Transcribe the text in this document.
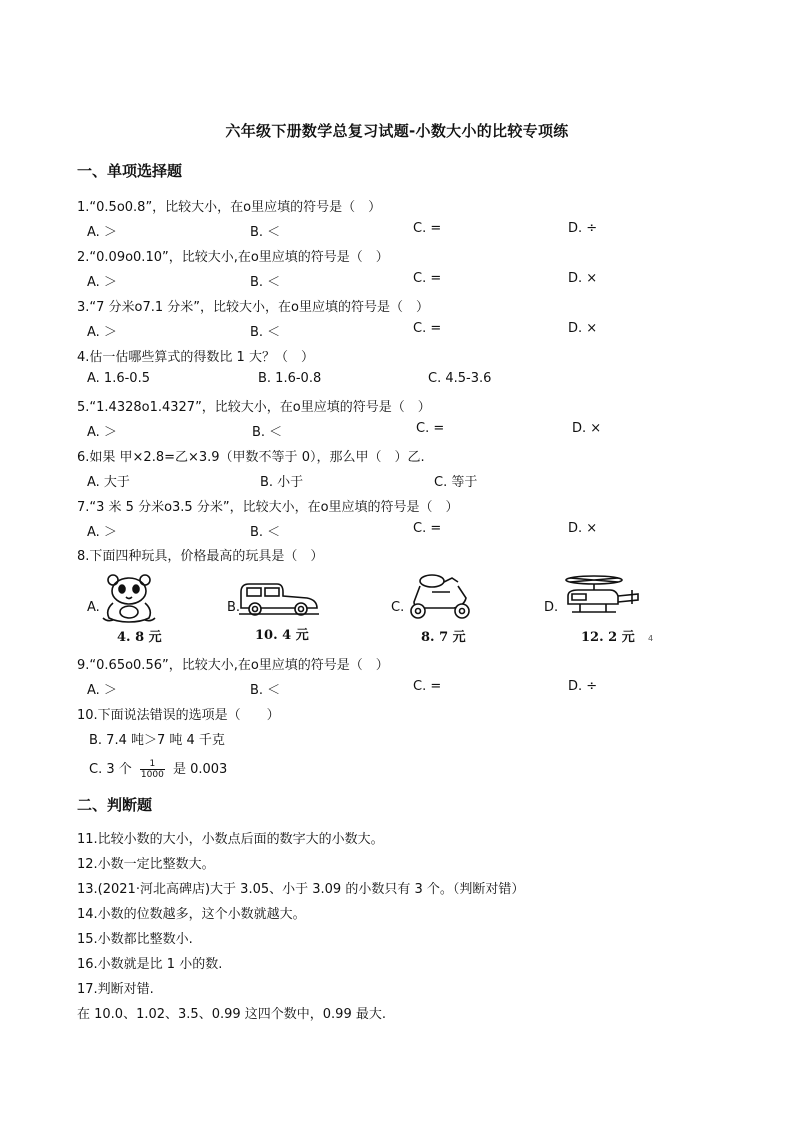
六年级下册数学总复习试题-小数大小的比较专项练
一、单项选择题
1.“0.5o0.8”，比较大小，在o里应填的符号是（　）
A. ＞	B. ＜	C. =	D. ÷
2.“0.09o0.10”，比较大小,在o里应填的符号是（　）
A. ＞	B. ＜	C. =	D. ×
3.“7 分米o7.1 分米”，比较大小，在o里应填的符号是（　）
A. ＞	B. ＜	C. =	D. ×
4.估一估哪些算式的得数比 1 大？（　）
A. 1.6-0.5	B. 1.6-0.8	C. 4.5-3.6
5.“1.4328o1.4327”，比较大小，在o里应填的符号是（　）
A. ＞	B. ＜	C. =	D. ×
6.如果 甲×2.8=乙×3.9（甲数不等于 0），那么甲（　）乙.
A. 大于	B. 小于	C. 等于
7.“3 米 5 分米o3.5 分米”，比较大小，在o里应填的符号是（　）
A. ＞	B. ＜	C. =	D. ×
8.下面四种玩具，价格最高的玩具是（　）
A.
4. 8 元
B.
10. 4 元
C.
8. 7 元
D.
12. 2 元 4
9.“0.65o0.56”，比较大小,在o里应填的符号是（　）
A. ＞	B. ＜	C. =	D. ÷
10.下面说法错误的选项是（　　）
B. 7.4 吨＞7 吨 4 千克
C. 3 个 $\frac{1}{1000}$ 是 0.003
二、判断题
11.比较小数的大小，小数点后面的数字大的小数大。
12.小数一定比整数大。
13.(2021·河北高碑店)大于 3.05、小于 3.09 的小数只有 3 个。（判断对错）
14.小数的位数越多，这个小数就越大。
15.小数都比整数小.
16.小数就是比 1 小的数.
17.判断对错.
在 10.0、1.02、3.5、0.99 这四个数中，0.99 最大.
